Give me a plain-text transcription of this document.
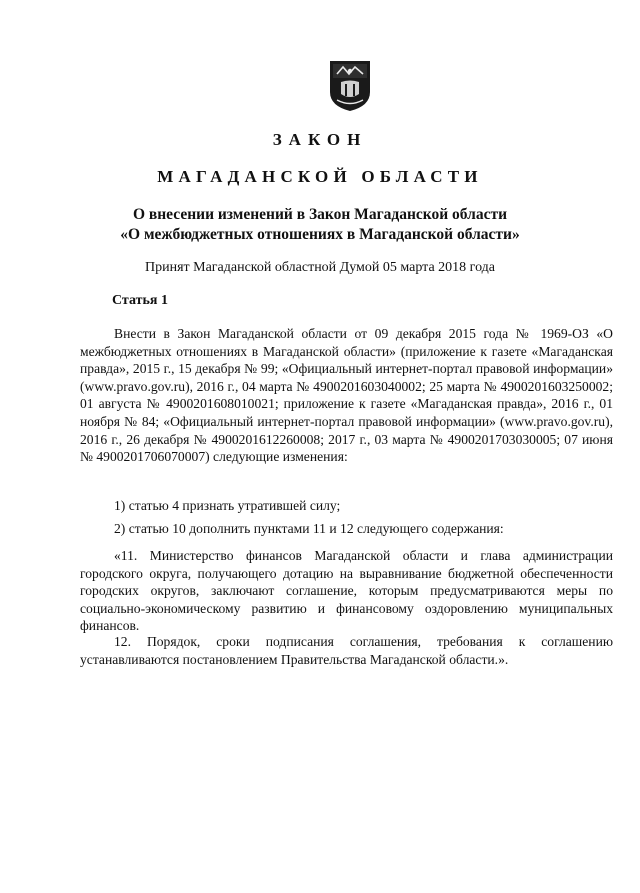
ЗАКОН
МАГАДАНСКОЙ ОБЛАСТИ
О внесении изменений в Закон Магаданской области
«О межбюджетных отношениях в Магаданской области»
Принят Магаданской областной Думой 05 марта 2018 года
Статья 1

Внести в Закон Магаданской области от 09 декабря 2015 года № 1969-ОЗ «О межбюджетных отношениях в Магаданской области» (приложение к газете «Магаданская правда», 2015 г., 15 декабря № 99; «Официальный интернет-портал правовой информации» (www.pravo.gov.ru), 2016 г., 04 марта № 4900201603040002; 25 марта № 4900201603250002; 01 августа № 4900201608010021; приложение к газете «Магаданская правда», 2016 г., 01 ноября № 84; «Официальный интернет-портал правовой информации» (www.pravo.gov.ru), 2016 г., 26 декабря № 4900201612260008; 2017 г., 03 марта № 4900201703030005; 07 июня № 4900201706070007) следующие изменения:

1) статью 4 признать утратившей силу;

2) статью 10 дополнить пунктами 11 и 12 следующего содержания:

«11. Министерство финансов Магаданской области и глава администрации городского округа, получающего дотацию на выравнивание бюджетной обеспеченности городских округов, заключают соглашение, которым предусматриваются меры по социально-экономическому развитию и финансовому оздоровлению муниципальных финансов.

12. Порядок, сроки подписания соглашения, требования к соглашению устанавливаются постановлением Правительства Магаданской области.».
